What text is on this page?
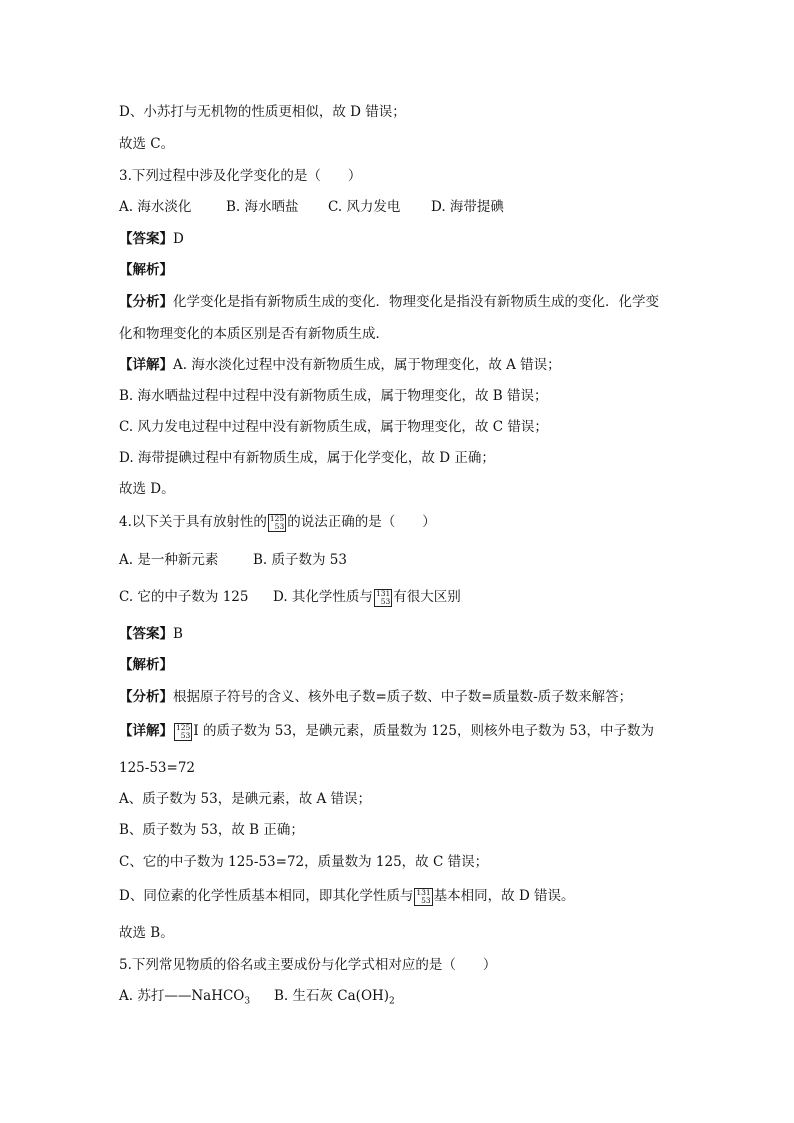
D、小苏打与无机物的性质更相似，故 D 错误；
故选 C。
3.下列过程中涉及化学变化的是（　　）
A. 海水淡化	B. 海水晒盐 C. 风力发电 D. 海带提碘
【答案】D
【解析】
【分析】化学变化是指有新物质生成的变化．物理变化是指没有新物质生成的变化．化学变
化和物理变化的本质区别是否有新物质生成．
【详解】A. 海水淡化过程中没有新物质生成，属于物理变化，故 A 错误；
B. 海水晒盐过程中过程中没有新物质生成，属于物理变化，故 B 错误；
C. 风力发电过程中过程中没有新物质生成，属于物理变化，故 C 错误；
D. 海带提碘过程中有新物质生成，属于化学变化，故 D 正确；
故选 D。
4.以下关于具有放射性的 125
53 的说法正确的是（　　）
A. 是一种新元素	B. 质子数为 53
C. 它的中子数为 125 D. 其化学性质与 131
53 有很大区别
【答案】B
【解析】
【分析】根据原子符号的含义、核外电子数=质子数、中子数=质量数-质子数来解答；
【详解】 125
53 I 的质子数为 53，是碘元素，质量数为 125，则核外电子数为 53，中子数为
125-53=72
A、质子数为 53，是碘元素，故 A 错误；
B、质子数为 53，故 B 正确；
C、它的中子数为 125-53=72，质量数为 125，故 C 错误；
D、同位素的化学性质基本相同，即其化学性质与 131
53 基本相同，故 D 错误。
故选 B。
5.下列常见物质的俗名或主要成份与化学式相对应的是（　　）
A. 苏打——NaHCO$_3$ B. 生石灰 $Ca(OH)_2$
